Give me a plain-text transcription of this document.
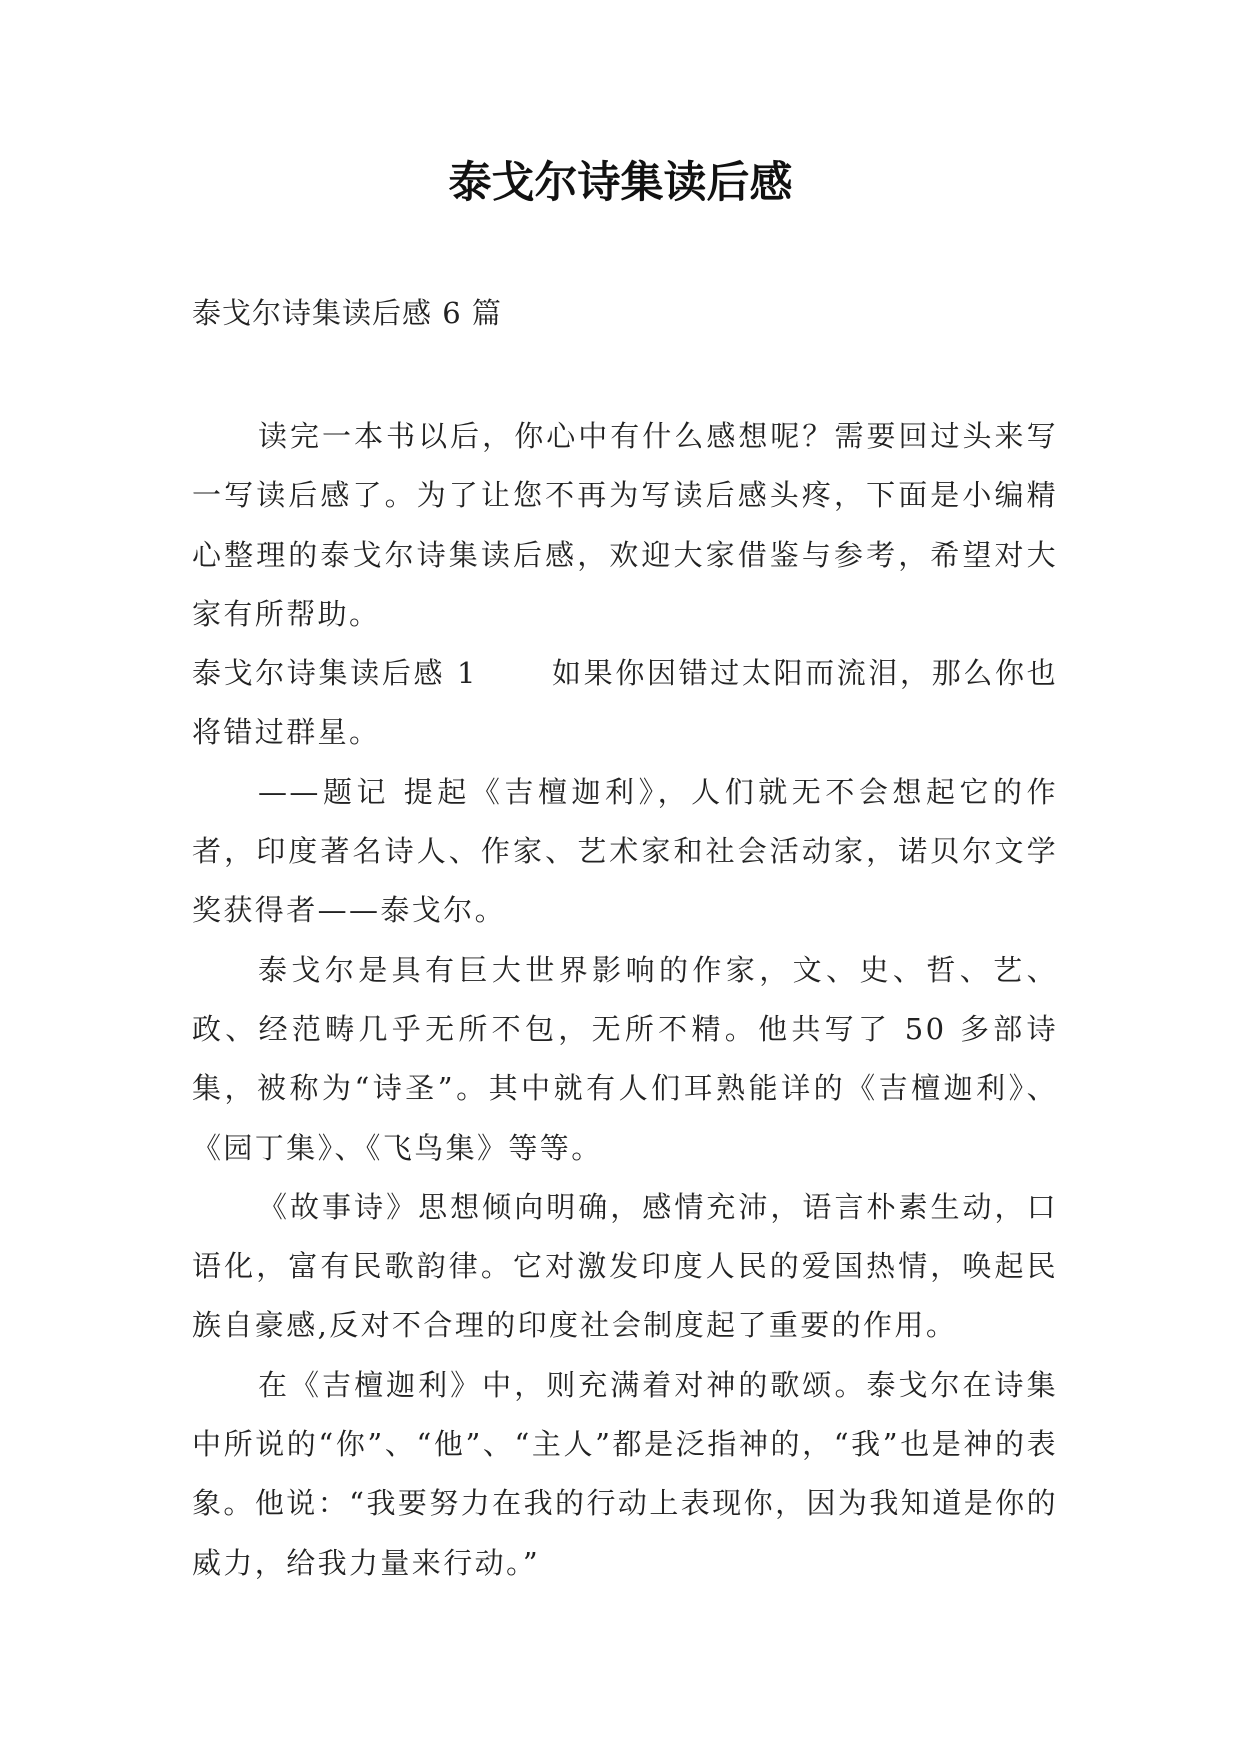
泰戈尔诗集读后感
泰戈尔诗集读后感 6 篇

读完一本书以后，你心中有什么感想呢？需要回过头来写一写读后感了。为了让您不再为写读后感头疼，下面是小编精心整理的泰戈尔诗集读后感，欢迎大家借鉴与参考，希望对大家有所帮助。

泰戈尔诗集读后感 1	如果你因错过太阳而流泪，那么你也将错过群星。

——题记 提起《吉檀迦利》，人们就无不会想起它的作者，印度著名诗人、作家、艺术家和社会活动家，诺贝尔文学奖获得者——泰戈尔。

泰戈尔是具有巨大世界影响的作家，文、史、哲、艺、政、经范畴几乎无所不包，无所不精。他共写了 50 多部诗集，被称为“诗圣”。其中就有人们耳熟能详的《吉檀迦利》、《园丁集》、《飞鸟集》等等。

《故事诗》思想倾向明确，感情充沛，语言朴素生动，口语化，富有民歌韵律。它对激发印度人民的爱国热情，唤起民族自豪感,反对不合理的印度社会制度起了重要的作用。

在《吉檀迦利》中，则充满着对神的歌颂。泰戈尔在诗集中所说的“你”、“他”、“主人”都是泛指神的，“我”也是神的表象。他说：“我要努力在我的行动上表现你，因为我知道是你的威力，给我力量来行动。”
